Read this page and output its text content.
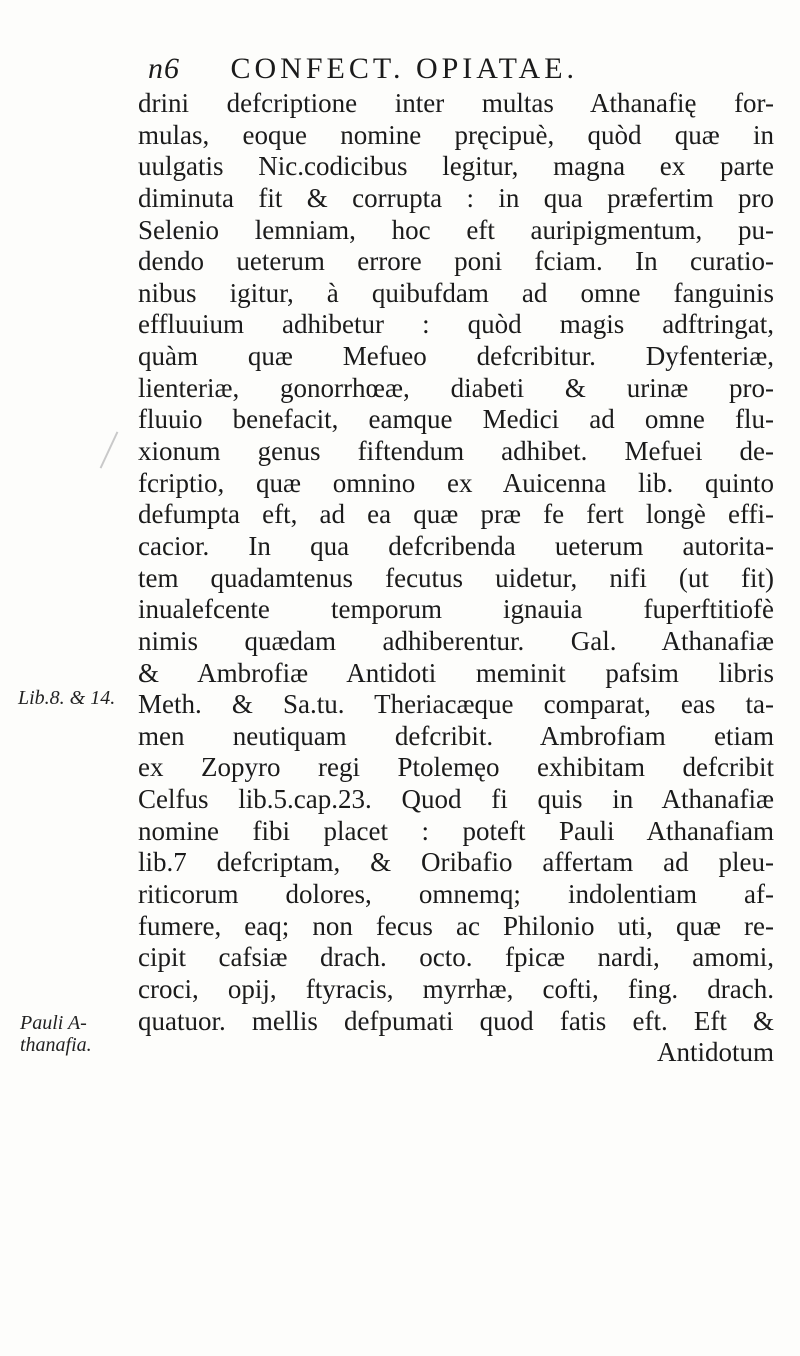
n6 CONFECT. OPIATAE.
drini defcriptione inter multas Athanafię for-
mulas, eoque nomine pręcipuè, quòd quæ in
uulgatis Nic.codicibus legitur, magna ex parte
diminuta fit & corrupta : in qua præfertim pro
Selenio lemniam, hoc eft auripigmentum, pu-
dendo ueterum errore poni fciam. In curatio-
nibus igitur, à quibufdam ad omne fanguinis
effluuium adhibetur : quòd magis adftringat,
quàm quæ Mefueo defcribitur. Dyfenteriæ,
lienteriæ, gonorrhœæ, diabeti & urinæ pro-
fluuio benefacit, eamque Medici ad omne flu-
xionum genus fiftendum adhibet. Mefuei de-
fcriptio, quæ omnino ex Auicenna lib. quinto
defumpta eft, ad ea quæ præ fe fert longè effi-
cacior. In qua defcribenda ueterum autorita-
tem quadamtenus fecutus uidetur, nifi (ut fit)
inualefcente temporum ignauia fuperftitiofè
nimis quædam adhiberentur. Gal. Athanafiæ
& Ambrofiæ Antidoti meminit pafsim libris
Meth. & Sa.tu. Theriacæque comparat, eas ta-
men neutiquam defcribit. Ambrofiam etiam
ex Zopyro regi Ptolemęo exhibitam defcribit
Celfus lib.5.cap.23. Quod fi quis in Athanafiæ
nomine fibi placet : poteft Pauli Athanafiam
lib.7 defcriptam, & Oribafio affertam ad pleu-
riticorum dolores, omnemq; indolentiam af-
fumere, eaq; non fecus ac Philonio uti, quæ re-
cipit cafsiæ drach. octo. fpicæ nardi, amomi,
croci, opij, ftyracis, myrrhæ, cofti, fing. drach.
quatuor. mellis defpumati quod fatis eft. Eft &
Antidotum
Lib.8. & 14.
Pauli A-
thanafia.
